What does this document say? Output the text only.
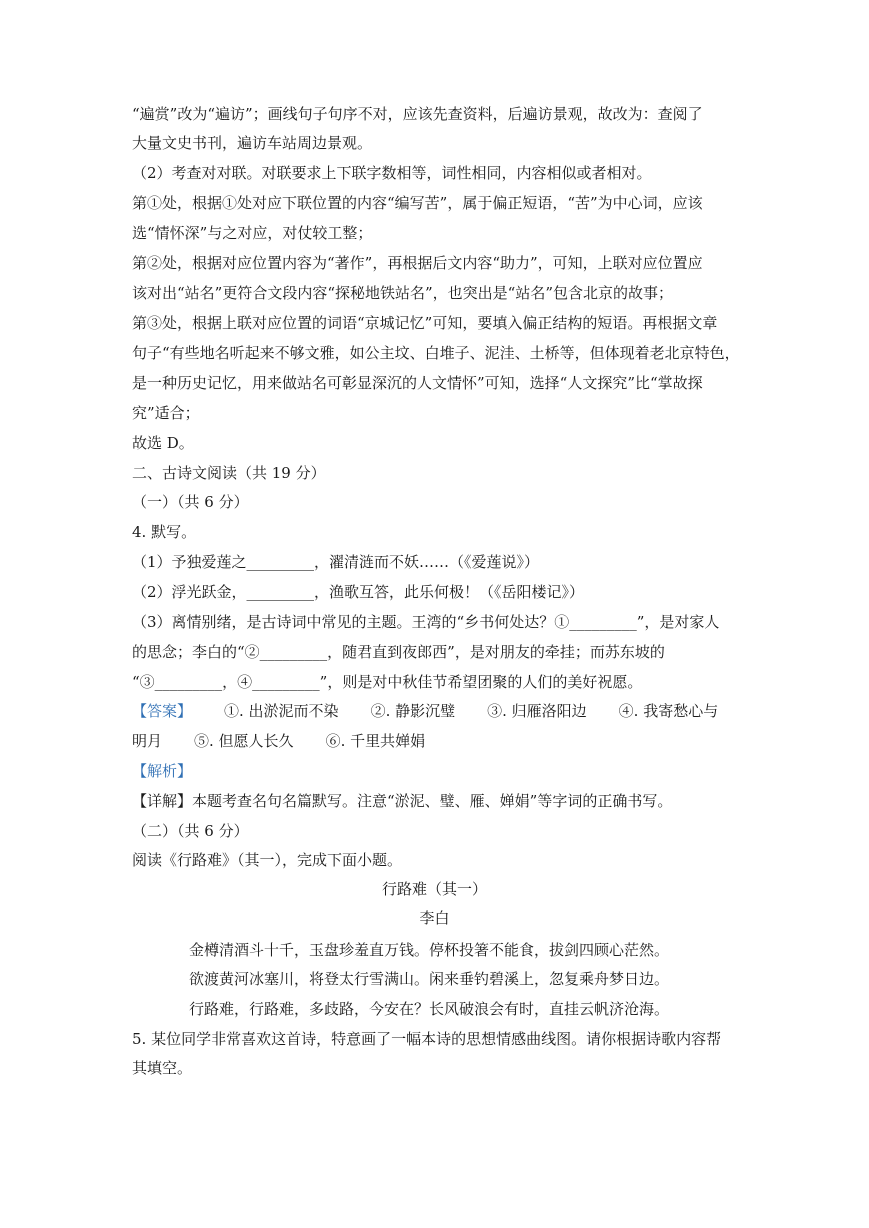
“遍赏”改为“遍访”；画线句子句序不对，应该先查资料，后遍访景观，故改为：查阅了
大量文史书刊，遍访车站周边景观。
（2）考查对对联。对联要求上下联字数相等，词性相同，内容相似或者相对。
第①处，根据①处对应下联位置的内容“编写苦”，属于偏正短语，“苦”为中心词，应该
选“情怀深”与之对应，对仗较工整；
第②处，根据对应位置内容为“著作”，再根据后文内容“助力”，可知，上联对应位置应
该对出“站名”更符合文段内容“探秘地铁站名”，也突出是“站名”包含北京的故事；
第③处，根据上联对应位置的词语“京城记忆”可知，要填入偏正结构的短语。再根据文章
句子“有些地名听起来不够文雅，如公主坟、白堆子、泥洼、土桥等，但体现着老北京特色，
是一种历史记忆，用来做站名可彰显深沉的人文情怀”可知，选择“人文探究”比“掌故探
究”适合；
故选 D。
二、古诗文阅读（共 19 分）
（一）（共 6 分）
4. 默写。
（1）予独爱莲之_________，濯清涟而不妖……（《爱莲说》）
（2）浮光跃金，_________，渔歌互答，此乐何极！（《岳阳楼记》）
（3）离情别绪，是古诗词中常见的主题。王湾的“乡书何处达？①_________”，是对家人
的思念；李白的“②_________，随君直到夜郎西”，是对朋友的牵挂；而苏东坡的
“③_________，④_________”，则是对中秋佳节希望团聚的人们的美好祝愿。
【答案】 ①. 出淤泥而不染 ②. 静影沉璧 ③. 归雁洛阳边 ④. 我寄愁心与
明月 ⑤. 但愿人长久 ⑥. 千里共婵娟
【解析】
【详解】本题考查名句名篇默写。注意“淤泥、璧、雁、婵娟”等字词的正确书写。
（二）（共 6 分）
阅读《行路难》（其一），完成下面小题。
行路难（其一）
李白
金樽清酒斗十千，玉盘珍羞直万钱。停杯投箸不能食，拔剑四顾心茫然。
欲渡黄河冰塞川，将登太行雪满山。闲来垂钓碧溪上，忽复乘舟梦日边。
行路难，行路难，多歧路，今安在？长风破浪会有时，直挂云帆济沧海。
5. 某位同学非常喜欢这首诗，特意画了一幅本诗的思想情感曲线图。请你根据诗歌内容帮
其填空。
